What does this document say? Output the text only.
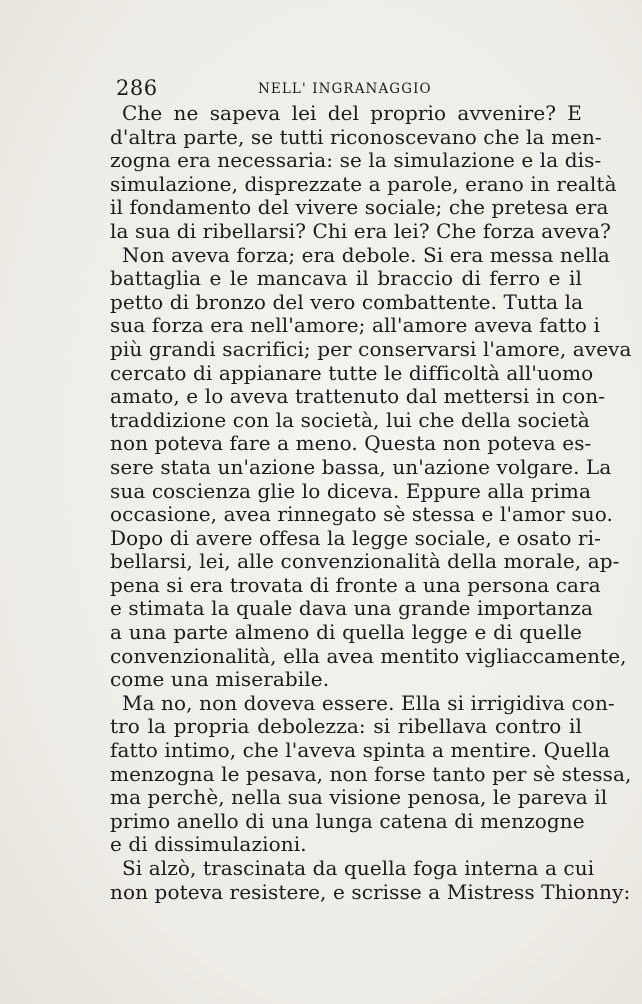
286	NELL' INGRANAGGIO
Che ne sapeva lei del proprio avvenire? E
d'altra parte, se tutti riconoscevano che la men-
zogna era necessaria: se la simulazione e la dis-
simulazione, disprezzate a parole, erano in realtà
il fondamento del vivere sociale; che pretesa era
la sua di ribellarsi? Chi era lei? Che forza aveva?
Non aveva forza; era debole. Si era messa nella
battaglia e le mancava il braccio di ferro e il
petto di bronzo del vero combattente. Tutta la
sua forza era nell'amore; all'amore aveva fatto i
più grandi sacrifici; per conservarsi l'amore, aveva
cercato di appianare tutte le difficoltà all'uomo
amato, e lo aveva trattenuto dal mettersi in con-
traddizione con la società, lui che della società
non poteva fare a meno. Questa non poteva es-
sere stata un'azione bassa, un'azione volgare. La
sua coscienza glie lo diceva. Eppure alla prima
occasione, avea rinnegato sè stessa e l'amor suo.
Dopo di avere offesa la legge sociale, e osato ri-
bellarsi, lei, alle convenzionalità della morale, ap-
pena si era trovata di fronte a una persona cara
e stimata la quale dava una grande importanza
a una parte almeno di quella legge e di quelle
convenzionalità, ella avea mentito vigliaccamente,
come una miserabile.
Ma no, non doveva essere. Ella si irrigidiva con-
tro la propria debolezza: si ribellava contro il
fatto intimo, che l'aveva spinta a mentire. Quella
menzogna le pesava, non forse tanto per sè stessa,
ma perchè, nella sua visione penosa, le pareva il
primo anello di una lunga catena di menzogne
e di dissimulazioni.
Si alzò, trascinata da quella foga interna a cui
non poteva resistere, e scrisse a Mistress Thionny:
